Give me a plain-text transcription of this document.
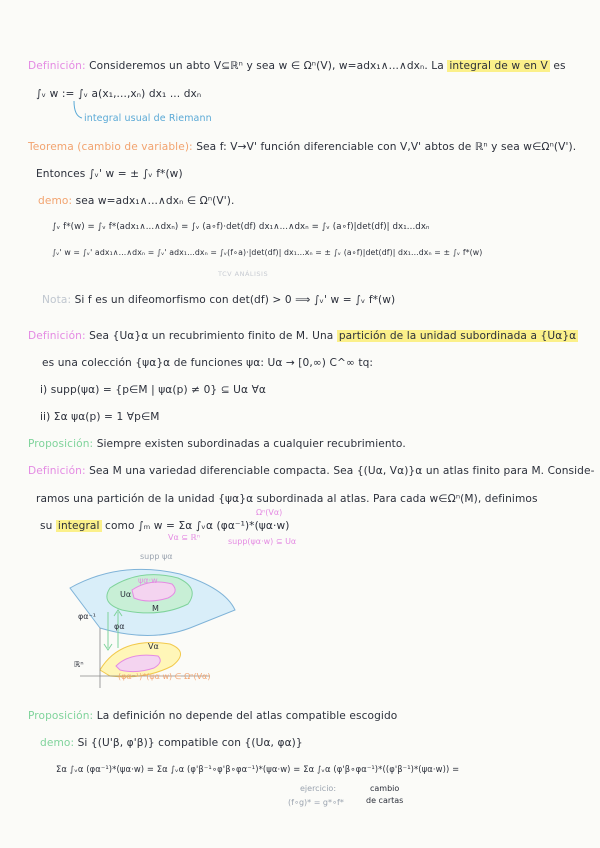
Definición: Consideremos un abto V⊆ℝⁿ y sea w ∈ Ωⁿ(V), w=adx₁∧...∧dxₙ. La integral de w en V es
∫ᵥ w := ∫ᵥ a(x₁,...,xₙ) dx₁ ... dxₙ
integral usual de Riemann
Teorema (cambio de variable): Sea f: V→V' función diferenciable con V,V' abtos de ℝⁿ y sea w∈Ωⁿ(V').
Entonces ∫ᵥ' w = ± ∫ᵥ f*(w)
demo: sea w=adx₁∧...∧dxₙ ∈ Ωⁿ(V').
∫ᵥ f*(w) = ∫ᵥ f*(adx₁∧...∧dxₙ) = ∫ᵥ (a∘f)·det(df) dx₁∧...∧dxₙ = ∫ᵥ (a∘f)|det(df)| dx₁...dxₙ
∫ᵥ' w = ∫ᵥ' adx₁∧...∧dxₙ = ∫ᵥ' adx₁...dxₙ = ∫ᵥ(f∘a)·|det(df)| dx₁...xₙ = ± ∫ᵥ (a∘f)|det(df)| dx₁...dxₙ = ± ∫ᵥ f*(w)
TCV ANÁLISIS
Nota: Si f es un difeomorfismo con det(df) > 0 ⟹ ∫ᵥ' w = ∫ᵥ f*(w)
Definición: Sea {Uα}α un recubrimiento finito de M. Una partición de la unidad subordinada a {Uα}α
es una colección {ψα}α de funciones ψα: Uα → [0,∞) C^∞ tq:
i) supp(ψα) = {p∈M | ψα(p) ≠ 0} ⊆ Uα ∀α
ii) Σα ψα(p) = 1 ∀p∈M
Proposición: Siempre existen subordinadas a cualquier recubrimiento.
Definición: Sea M una variedad diferenciable compacta. Sea {(Uα, Vα)}α un atlas finito para M. Conside-
ramos una partición de la unidad {ψα}α subordinada al atlas. Para cada w∈Ωⁿ(M), definimos
su integral como ∫ₘ w = Σα ∫ᵥα (φα⁻¹)*(ψα·w)
Ωⁿ(Vα)
Vα ⊆ ℝⁿ	supp(ψα·w) ⊆ Uα
supp ψα
Uα
ψα·w
M
φα⁻¹
φα
Vα
ℝⁿ
(φα⁻¹)*(ψα·w) ∈ Ωⁿ(Vα)
Proposición: La definición no depende del atlas compatible escogido
demo: Si {(U'β, φ'β)} compatible con {(Uα, φα)}
Σα ∫ᵥα (φα⁻¹)*(ψα·w) = Σα ∫ᵥα (φ'β⁻¹∘φ'β∘φα⁻¹)*(ψα·w) = Σα ∫ᵥα (φ'β∘φα⁻¹)*((φ'β⁻¹)*(ψα·w)) =
ejercicio:
(f∘g)* = g*∘f*
cambio
de cartas
